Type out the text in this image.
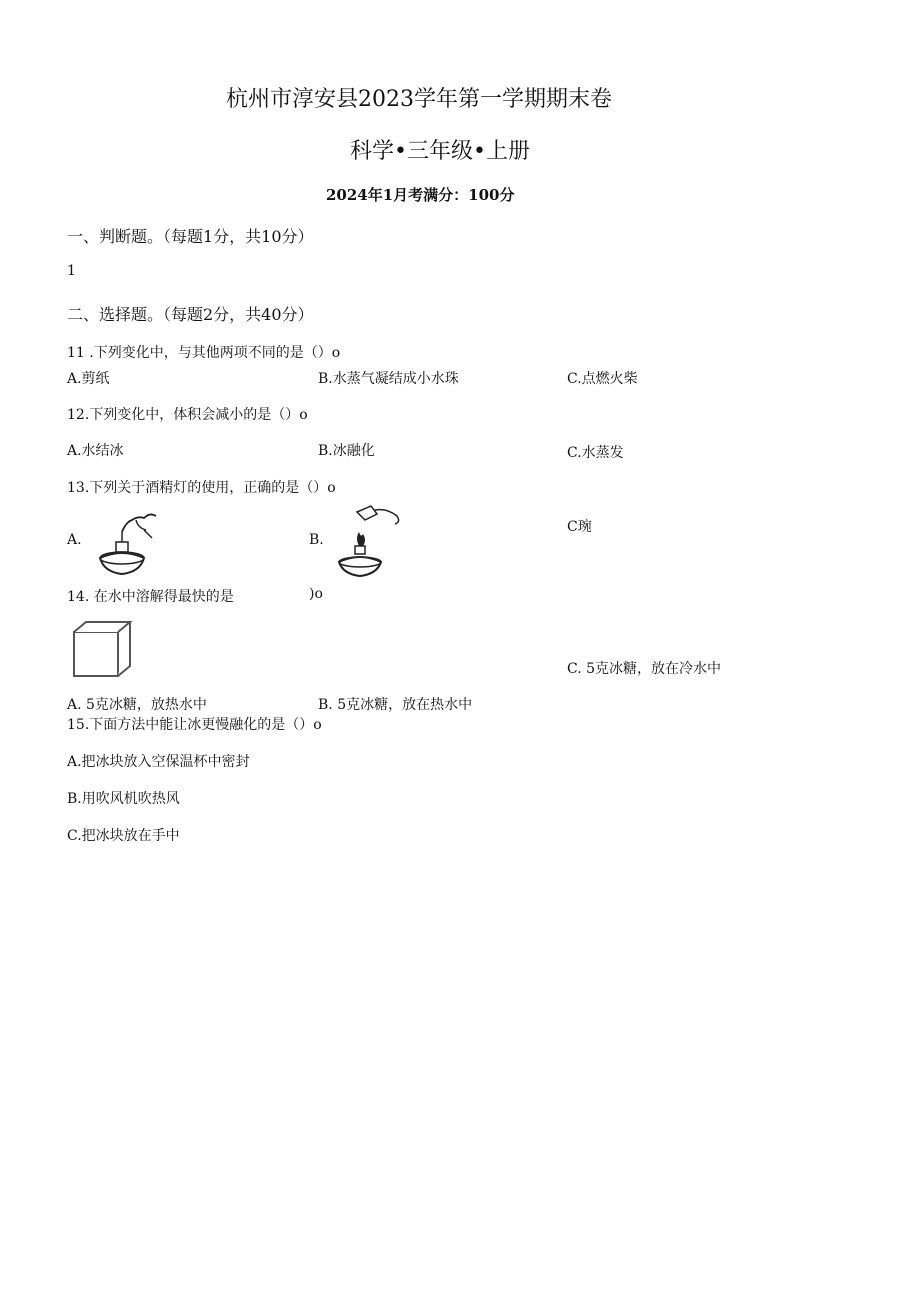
杭州市淳安县2023学年第一学期期末卷
科学•三年级•上册
2024年1月考满分：100分
一、判断题。（每题1分，共10分）
1
二、选择题。（每题2分，共40分）
11 .下列变化中，与其他两项不同的是（）o
A.剪纸	B.水蒸气凝结成小水珠	C.点燃火柴
12.下列变化中，体积会减小的是（）o
A.水结冰	B.冰融化	C.水蒸发
13.下列关于酒精灯的使用，正确的是（）o
A.	B.
C琬
14. 在水中溶解得最快的是	)o
C. 5克冰糖，放在冷水中
A. 5克冰糖，放热水中	B. 5克冰糖，放在热水中
15.下面方法中能让冰更慢融化的是（）o
A.把冰块放入空保温杯中密封
B.用吹风机吹热风
C.把冰块放在手中
